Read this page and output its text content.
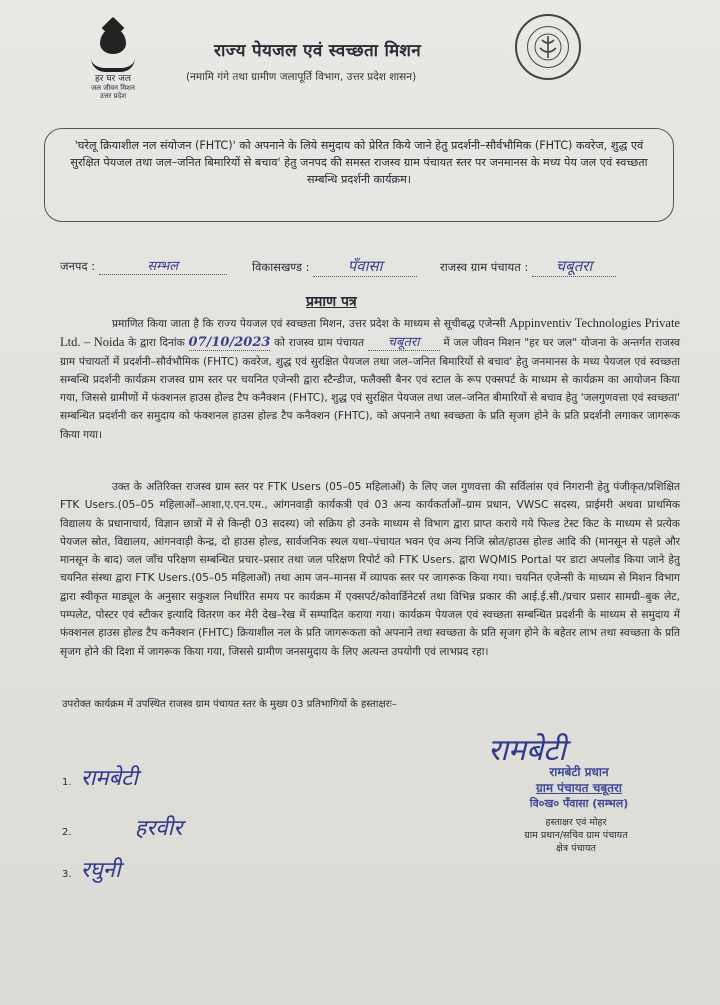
हर घर जल
जल जीवन मिशन
उत्तर प्रदेश
राज्य पेयजल एवं स्वच्छता मिशन
(नमामि गंगे तथा ग्रामीण जलापूर्ति विभाग, उत्तर प्रदेश शासन)
'घरेलू क्रियाशील नल संयोजन (FHTC)' को अपनाने के लिये समुदाय को प्रेरित किये जाने हेतु प्रदर्शनी–सौर्वभौमिक (FHTC) कवरेज, शुद्ध एवं सुरक्षित पेयजल तथा जल–जनित बिमारियों से बचाव' हेतु जनपद की समस्त राजस्व ग्राम पंचायत स्तर पर जनमानस के मध्य पेय जल एवं स्वच्छता सम्बन्धि प्रदर्शनी कार्यक्रम।
जनपद :	सम्भल	विकासखण्ड :	पँवासा	राजस्व ग्राम पंचायत : चबूतरा
प्रमाण पत्र
प्रमाणित किया जाता है कि राज्य पेयजल एवं स्वच्छता मिशन, उत्तर प्रदेश के माध्यम से सूचीबद्ध एजेन्सी Appinventiv Technologies Private Ltd. – Noida के द्वारा दिनांक 07/10/2023 को राजस्व ग्राम पंचायत चबूतरा में जल जीवन मिशन "हर घर जल" योजना के अन्तर्गत राजस्व ग्राम पंचायतों में प्रदर्शनी–सौर्वभौमिक (FHTC) कवरेज, शुद्ध एवं सुरक्षित पेयजल तथा जल–जनित बिमारियों से बचाव' हेतु जनमानस के मध्य पेयजल एवं स्वच्छता सम्बन्धि प्रदर्शनी कार्यक्रम राजस्व ग्राम स्तर पर चयनित एजेन्सी द्वारा स्टैन्डीज, फलैक्सी बैनर एवं स्टाल के रूप एक्सपर्ट के माध्यम से कार्यक्रम का आयोजन किया गया, जिससे ग्रामीणों में फंक्शनल हाउस होल्ड टैप कनैक्शन (FHTC), शुद्ध एवं सुरक्षित पेयजल तथा जल–जनित बीमारियों से बचाव हेतु 'जलगुणवत्ता एवं स्वच्छता' सम्बन्धित प्रदर्शनी कर समुदाय को फंक्शनल हाउस होल्ड टैप कनैक्शन (FHTC), को अपनाने तथा स्वच्छता के प्रति सृजग होने के प्रति प्रदर्शनी लगाकर जागरूक किया गया।
उक्त के अतिरिक्त राजस्व ग्राम स्तर पर FTK Users (05–05 महिलाओं) के लिए जल गुणवत्ता की सर्विलांस एवं निगरानी हेतु पंजीकृत/प्रशिक्षित FTK Users.(05–05 महिलाओं–आशा,ए.एन.एम., आंगनवाड़ी कार्यकत्री एवं 03 अन्य कार्यकर्ताओं–ग्राम प्रधान, VWSC सदस्य, प्राईमरी अथवा प्राथमिक विद्यालय के प्रधानाचार्य, विज्ञान छात्रों में से किन्ही 03 सदस्य) जो सक्रिय हो उनके माध्यम से विभाग द्वारा प्राप्त कराये गये फिल्ड टेस्ट किट के माध्यम से प्रत्येक पेयजल स्रोत, विद्यालय, आंगनवाड़ी केन्द्र, दो हाउस होल्ड, सार्वजनिक स्थल यथा–पंचायत भवन एंव अन्य निजि स्रोत/हाउस होल्ड आदि की (मानसून से पहले और मानसून के बाद) जल जाँच परिक्षण सम्बन्धित प्रचार–प्रसार तथा जल परिक्षण रिपोर्ट को FTK Users. द्वारा WQMIS Portal पर डाटा अपलोड किया जाने हेतु चयनित संस्था द्वारा FTK Users.(05–05 महिलाओं) तथा आम जन–मानस में व्यापक स्तर पर जागरूक किया गया। चयनित एजेन्सी के माध्यम से मिशन विभाग द्वारा स्वीकृत माड्यूल के अनुसार सकुशल निर्धारित समय पर कार्यक्रम में एक्सपर्ट/कोवार्डिनेटर्स तथा विभिन्न प्रकार की आई.ई.सी./प्रचार प्रसार सामग्री–बुक लेट, पम्पलेट, पोस्टर एवं स्टीकर इत्यादि वितरण कर मेरी देख–रेख में सम्पादित कराया गया। कार्यक्रम पेयजल एवं स्वच्छता सम्बन्धित प्रदर्शनी के माध्यम से समुदाय में फंक्शनल हाउस होल्ड टैप कनैक्शन (FHTC) क्रियाशील नल के प्रति जागरूकता को अपनाने तथा स्वच्छता के प्रति सृजग होने के बहेतर लाभ तथा स्वच्छता के प्रति सृजग होने की दिशा में जागरूक किया गया, जिससे ग्रामीण जनसमुदाय के लिए अत्यन्त उपयोगी एवं लाभप्रद रहा।
उपरोक्त कार्यक्रम में उपस्थित राजस्व ग्राम पंचायत स्तर के मुख्य 03 प्रतिभागियों के हस्ताक्षरः–
1. रामबेटी
2.	हरवीर
3. रघुनी
रामबेटी
रामबेटी प्रधान
ग्राम पंचायत चबूतरा
वि०ख० पँवासा (सम्भल)
हस्ताक्षर एवं मोहर
ग्राम प्रधान/सचिव ग्राम पंचायत
क्षेत्र पंचायत
